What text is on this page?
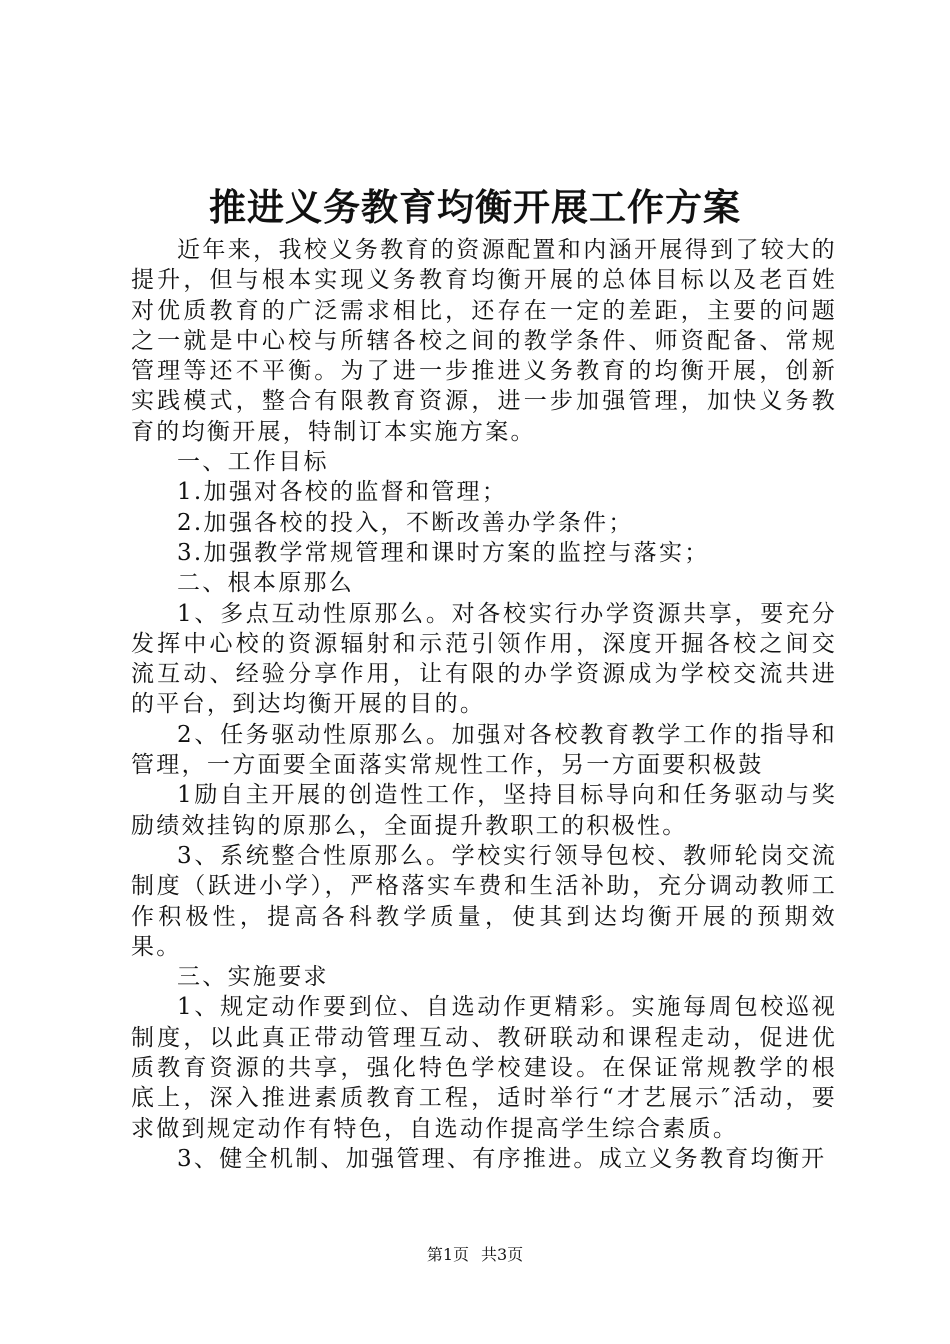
推进义务教育均衡开展工作方案

近年来，我校义务教育的资源配置和内涵开展得到了较大的提升，但与根本实现义务教育均衡开展的总体目标以及老百姓对优质教育的广泛需求相比，还存在一定的差距，主要的问题之一就是中心校与所辖各校之间的教学条件、师资配备、常规管理等还不平衡。为了进一步推进义务教育的均衡开展，创新实践模式，整合有限教育资源，进一步加强管理，加快义务教育的均衡开展，特制订本实施方案。

一、工作目标

1.加强对各校的监督和管理；

2.加强各校的投入，不断改善办学条件；

3.加强教学常规管理和课时方案的监控与落实；

二、根本原那么

1、多点互动性原那么。对各校实行办学资源共享，要充分发挥中心校的资源辐射和示范引领作用，深度开掘各校之间交流互动、经验分享作用，让有限的办学资源成为学校交流共进的平台，到达均衡开展的目的。

2、任务驱动性原那么。加强对各校教育教学工作的指导和管理，一方面要全面落实常规性工作，另一方面要积极鼓

1励自主开展的创造性工作，坚持目标导向和任务驱动与奖励绩效挂钩的原那么，全面提升教职工的积极性。

3、系统整合性原那么。学校实行领导包校、教师轮岗交流制度（跃进小学），严格落实车费和生活补助，充分调动教师工作积极性，提高各科教学质量，使其到达均衡开展的预期效果。

三、实施要求

1、规定动作要到位、自选动作更精彩。实施每周包校巡视制度，以此真正带动管理互动、教研联动和课程走动，促进优质教育资源的共享，强化特色学校建设。在保证常规教学的根底上，深入推进素质教育工程，适时举行“才艺展示″活动，要求做到规定动作有特色，自选动作提高学生综合素质。

3、健全机制、加强管理、有序推进。成立义务教育均衡开

第1页 共3页
